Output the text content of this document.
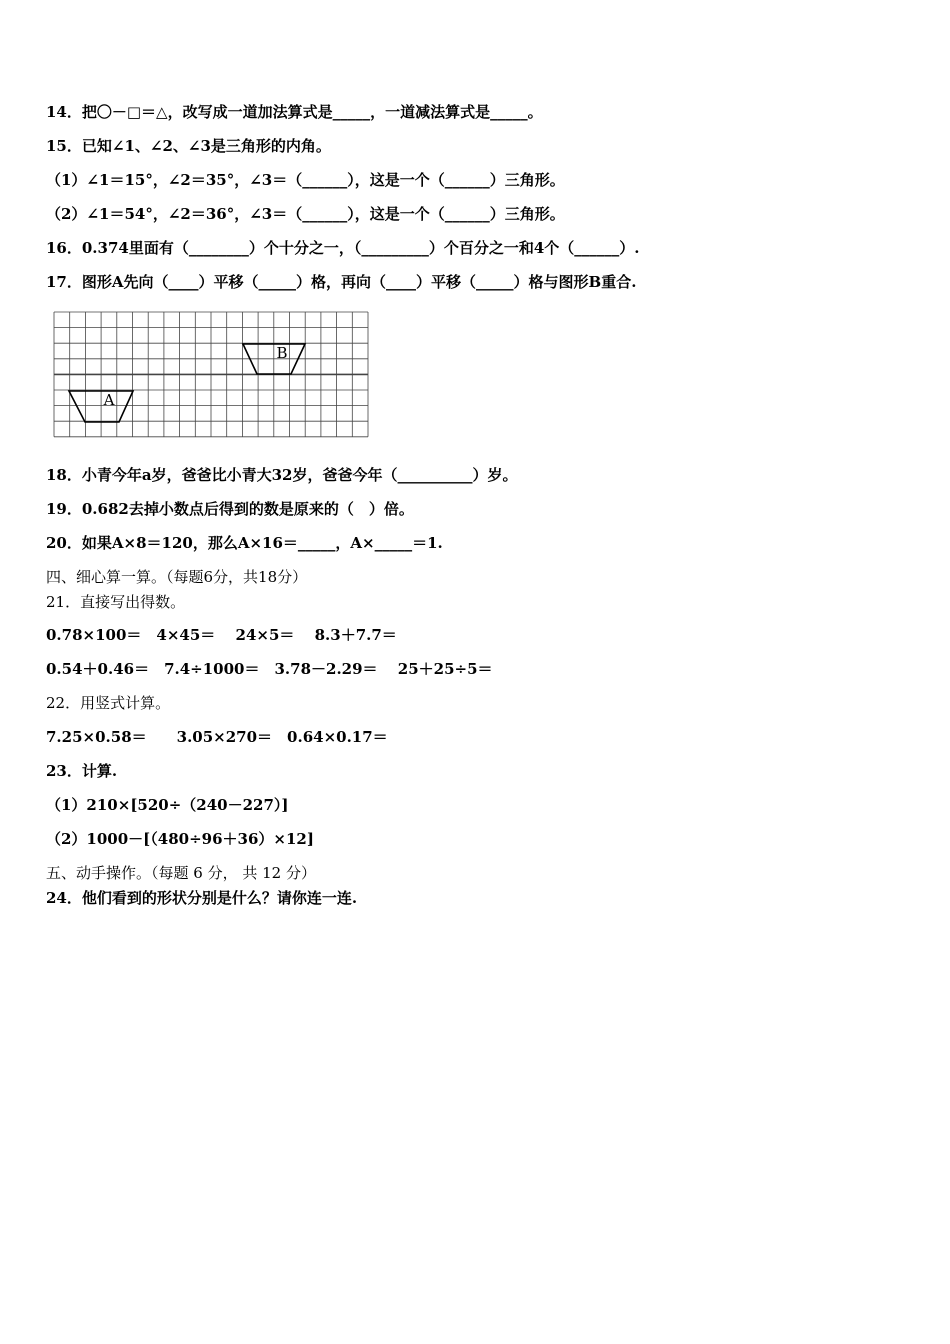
14．把〇－□＝△，改写成一道加法算式是_____，一道减法算式是_____。
15．已知∠1、∠2、∠3是三角形的内角。
（1）∠1＝15°，∠2＝35°，∠3＝（______），这是一个（______）三角形。
（2）∠1＝54°，∠2＝36°，∠3＝（______），这是一个（______）三角形。
16．0.374里面有（________）个十分之一，（_________）个百分之一和4个（______）.
17．图形A先向（____）平移（_____）格，再向（____）平移（_____）格与图形B重合.
A
B
18．小青今年a岁，爸爸比小青大32岁，爸爸今年（__________）岁。
19．0.682去掉小数点后得到的数是原来的（　）倍。
20．如果A×8＝120，那么A×16＝_____，A×_____＝1.
四、细心算一算。（每题6分，共18分）
21．直接写出得数。
0.78×100＝　4×45＝　 24×5＝　 8.3＋7.7＝
0.54＋0.46＝　7.4÷1000＝　3.78－2.29＝　 25＋25÷5＝
22．用竖式计算。
7.25×0.58＝　　3.05×270＝　0.64×0.17＝
23．计算.
（1）210×[520÷（240－227）]
（2）1000－[（480÷96＋36）×12]
五、动手操作。（每题 6 分， 共 12 分）
24．他们看到的形状分别是什么？请你连一连.
